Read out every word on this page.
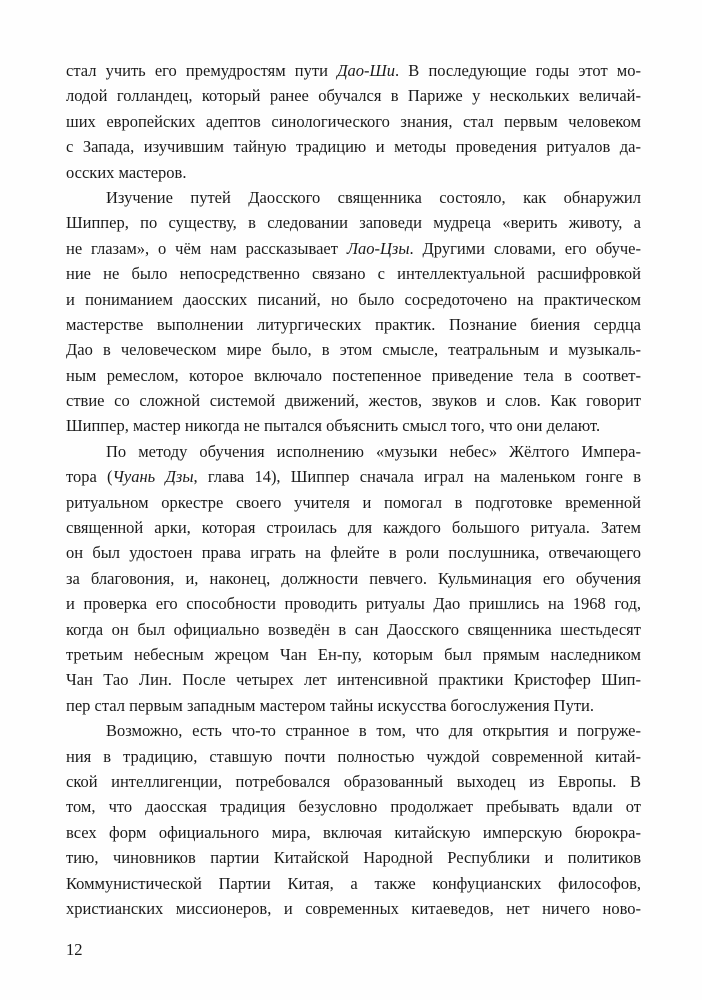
стал учить его премудростям пути Дао-Ши. В последующие годы этот мо-
лодой голландец, который ранее обучался в Париже у нескольких величай-
ших европейских адептов синологического знания, стал первым человеком
с Запада, изучившим тайную традицию и методы проведения ритуалов да-
осских мастеров.
Изучение путей Даосского священника состояло, как обнаружил
Шиппер, по существу, в следовании заповеди мудреца «верить животу, а
не глазам», о чём нам рассказывает Лао-Цзы. Другими словами, его обуче-
ние не было непосредственно связано с интеллектуальной расшифровкой
и пониманием даосских писаний, но было сосредоточено на практическом
мастерстве выполнении литургических практик. Познание биения сердца
Дао в человеческом мире было, в этом смысле, театральным и музыкаль-
ным ремеслом, которое включало постепенное приведение тела в соответ-
ствие со сложной системой движений, жестов, звуков и слов. Как говорит
Шиппер, мастер никогда не пытался объяснить смысл того, что они делают.
По методу обучения исполнению «музыки небес» Жёлтого Импера-
тора (Чуань Дзы, глава 14), Шиппер сначала играл на маленьком гонге в
ритуальном оркестре своего учителя и помогал в подготовке временной
священной арки, которая строилась для каждого большого ритуала. Затем
он был удостоен права играть на флейте в роли послушника, отвечающего
за благовония, и, наконец, должности певчего. Кульминация его обучения
и проверка его способности проводить ритуалы Дао пришлись на 1968 год,
когда он был официально возведён в сан Даосского священника шестьдесят
третьим небесным жрецом Чан Ен-пу, которым был прямым наследником
Чан Тао Лин. После четырех лет интенсивной практики Кристофер Шип-
пер стал первым западным мастером тайны искусства богослужения Пути.
Возможно, есть что-то странное в том, что для открытия и погруже-
ния в традицию, ставшую почти полностью чуждой современной китай-
ской интеллигенции, потребовался образованный выходец из Европы. В
том, что даосская традиция безусловно продолжает пребывать вдали от
всех форм официального мира, включая китайскую имперскую бюрокра-
тию, чиновников партии Китайской Народной Республики и политиков
Коммунистической Партии Китая, а также конфуцианских философов,
христианских миссионеров, и современных китаеведов, нет ничего ново-
12
